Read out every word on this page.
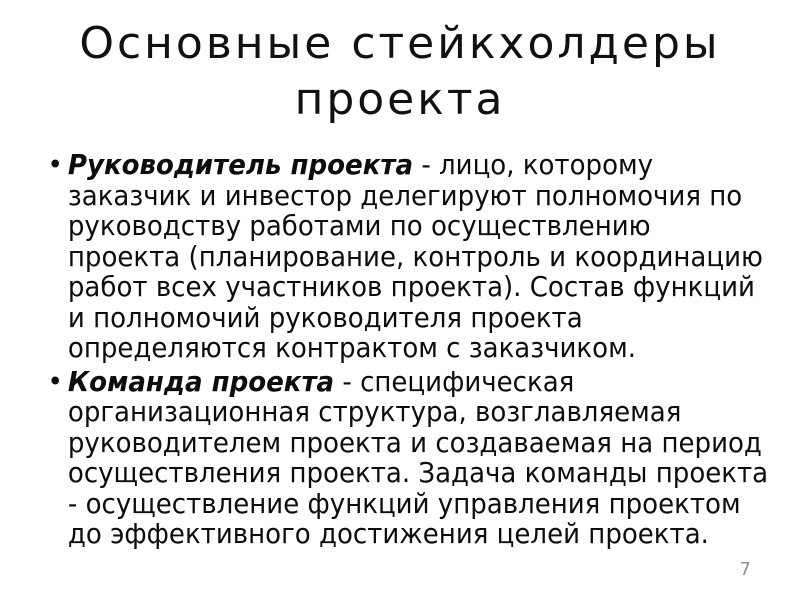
Основные стейкхолдеры
проекта
• Руководитель проекта - лицо, которому
заказчик и инвестор делегируют полномочия по
руководству работами по осуществлению
проекта (планирование, контроль и координацию
работ всех участников проекта). Состав функций
и полномочий руководителя проекта
определяются контрактом с заказчиком.
• Команда проекта - специфическая
организационная структура, возглавляемая
руководителем проекта и создаваемая на период
осуществления проекта. Задача команды проекта
- осуществление функций управления проектом
до эффективного достижения целей проекта.
7
